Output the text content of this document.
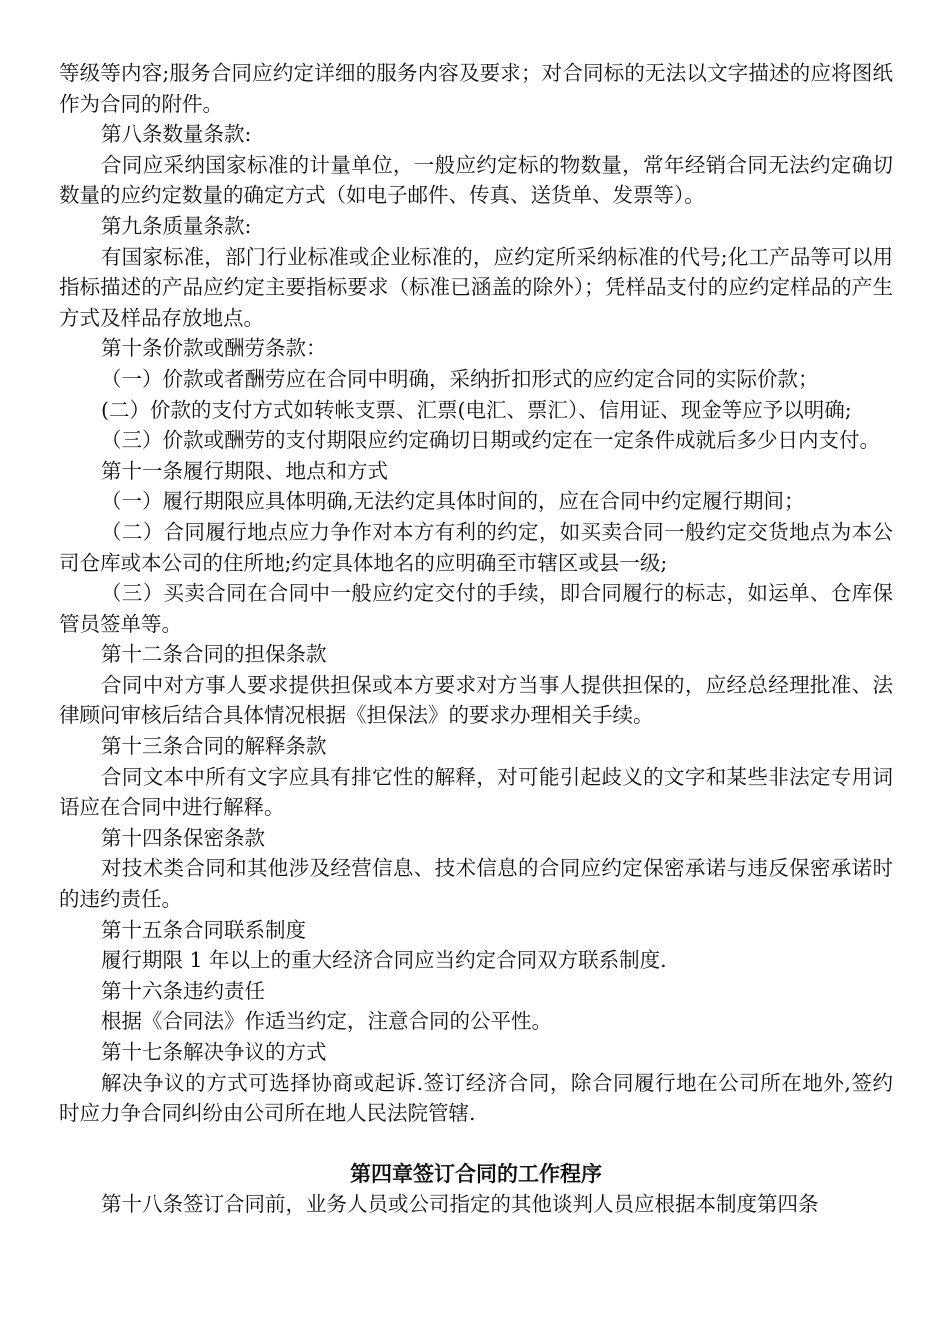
等级等内容;服务合同应约定详细的服务内容及要求；对合同标的无法以文字描述的应将图纸作为合同的附件。

第八条数量条款:

合同应采纳国家标准的计量单位，一般应约定标的物数量，常年经销合同无法约定确切数量的应约定数量的确定方式（如电子邮件、传真、送货单、发票等）。

第九条质量条款:

有国家标准，部门行业标准或企业标准的，应约定所采纳标准的代号;化工产品等可以用指标描述的产品应约定主要指标要求（标准已涵盖的除外）；凭样品支付的应约定样品的产生方式及样品存放地点。

第十条价款或酬劳条款：

（一）价款或者酬劳应在合同中明确，采纳折扣形式的应约定合同的实际价款；

(二）价款的支付方式如转帐支票、汇票(电汇、票汇）、信用证、现金等应予以明确;

（三）价款或酬劳的支付期限应约定确切日期或约定在一定条件成就后多少日内支付。

第十一条履行期限、地点和方式

（一）履行期限应具体明确,无法约定具体时间的，应在合同中约定履行期间；

（二）合同履行地点应力争作对本方有利的约定，如买卖合同一般约定交货地点为本公司仓库或本公司的住所地;约定具体地名的应明确至市辖区或县一级;

（三）买卖合同在合同中一般应约定交付的手续，即合同履行的标志，如运单、仓库保管员签单等。

第十二条合同的担保条款

合同中对方事人要求提供担保或本方要求对方当事人提供担保的，应经总经理批准、法律顾问审核后结合具体情况根据《担保法》的要求办理相关手续。

第十三条合同的解释条款

合同文本中所有文字应具有排它性的解释，对可能引起歧义的文字和某些非法定专用词语应在合同中进行解释。

第十四条保密条款

对技术类合同和其他涉及经营信息、技术信息的合同应约定保密承诺与违反保密承诺时的违约责任。

第十五条合同联系制度

履行期限 1 年以上的重大经济合同应当约定合同双方联系制度.

第十六条违约责任

根据《合同法》作适当约定，注意合同的公平性。

第十七条解决争议的方式

解决争议的方式可选择协商或起诉.签订经济合同，除合同履行地在公司所在地外,签约时应力争合同纠纷由公司所在地人民法院管辖.

第四章签订合同的工作程序

第十八条签订合同前，业务人员或公司指定的其他谈判人员应根据本制度第四条
